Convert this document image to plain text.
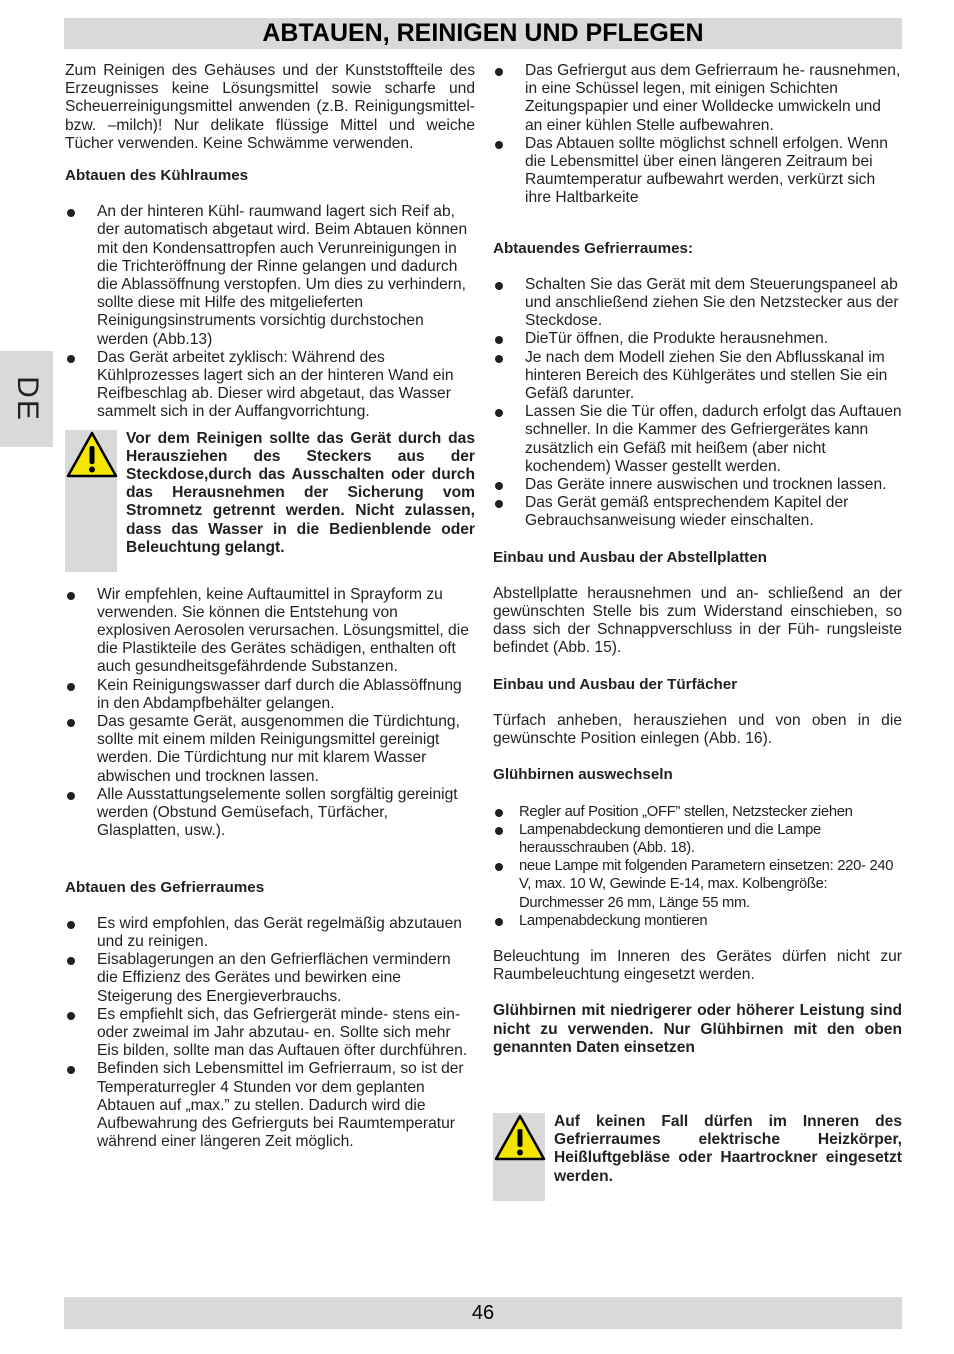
ABTAUEN, REINIGEN UND PFLEGEN
DE

Zum Reinigen des Gehäuses und der Kunststoffteile des Erzeugnisses keine Lösungsmittel sowie scharfe und Scheuerreinigungsmittel anwenden (z.B. Reinigungsmittel- bzw. –milch)! Nur delikate flüssige Mittel und weiche Tücher verwenden. Keine Schwämme verwenden.

Abtauen des Kühlraumes

An der hinteren Kühl- raumwand lagert sich Reif ab, der automatisch abgetaut wird. Beim Abtauen können mit den Kondensattropfen auch Verunreinigungen in die Trichteröffnung der Rinne gelangen und dadurch die Ablassöffnung verstopfen. Um dies zu verhindern, sollte diese mit Hilfe des mitgelieferten Reinigungsinstruments vorsichtig durchstochen werden (Abb.13)
Das Gerät arbeitet zyklisch: Während des Kühlprozesses lagert sich an der hinteren Wand ein Reifbeschlag ab. Dieser wird abgetaut, das Wasser sammelt sich in der Auffangvorrichtung.

Vor dem Reinigen sollte das Gerät durch das Herausziehen des Steckers aus der Steckdose,durch das Ausschalten oder durch das Herausnehmen der Sicherung vom Stromnetz getrennt werden. Nicht zulassen, dass das Wasser in die Bedienblende oder Beleuchtung gelangt.

Wir empfehlen, keine Auftaumittel in Sprayform zu verwenden. Sie können die Entstehung von explosiven Aerosolen verursachen. Lösungsmittel, die die Plastikteile des Gerätes schädigen, enthalten oft auch gesundheitsgefährdende Substanzen.
Kein Reinigungswasser darf durch die Ablassöffnung in den Abdampfbehälter gelangen.
Das gesamte Gerät, ausgenommen die Türdichtung, sollte mit einem milden Reinigungsmittel gereinigt werden. Die Türdichtung nur mit klarem Wasser abwischen und trocknen lassen.
Alle Ausstattungselemente sollen sorgfältig gereinigt werden (Obstund Gemüsefach, Türfächer, Glasplatten, usw.).

Abtauen des Gefrierraumes

Es wird empfohlen, das Gerät regelmäßig abzutauen und zu reinigen.
Eisablagerungen an den Gefrierflächen vermindern die Effizienz des Gerätes und bewirken eine Steigerung des Energieverbrauchs.
Es empfiehlt sich, das Gefriergerät minde- stens ein- oder zweimal im Jahr abzutau- en. Sollte sich mehr Eis bilden, sollte man das Auftauen öfter durchführen.
Befinden sich Lebensmittel im Gefrierraum, so ist der Temperaturregler 4 Stunden vor dem geplanten Abtauen auf „max.” zu stellen. Dadurch wird die Aufbewahrung des Gefrierguts bei Raumtemperatur während einer längeren Zeit möglich.
Das Gefriergut aus dem Gefrierraum he- rausnehmen, in eine Schüssel legen, mit einigen Schichten Zeitungspapier und einer Wolldecke umwickeln und an einer kühlen Stelle aufbewahren.
Das Abtauen sollte möglichst schnell erfolgen. Wenn die Lebensmittel über einen längeren Zeitraum bei Raumtemperatur aufbewahrt werden, verkürzt sich ihre Haltbarkeite

Abtauendes Gefrierraumes:

Schalten Sie das Gerät mit dem Steuerungspaneel ab und anschließend ziehen Sie den Netzstecker aus der Steckdose.
DieTür öffnen, die Produkte herausnehmen.
Je nach dem Modell ziehen Sie den Abflusskanal im hinteren Bereich des Kühlgerätes und stellen Sie ein Gefäß darunter.
Lassen Sie die Tür offen, dadurch erfolgt das Auftauen schneller. In die Kammer des Gefriergerätes kann zusätzlich ein Gefäß mit heißem (aber nicht kochendem) Wasser gestellt werden.
Das Geräte innere auswischen und trocknen lassen.
Das Gerät gemäß entsprechendem Kapitel der Gebrauchsanweisung wieder einschalten.

Einbau und Ausbau der Abstellplatten

Abstellplatte herausnehmen und an- schließend an der gewünschten Stelle bis zum Widerstand einschieben, so dass sich der Schnappverschluss in der Füh- rungsleiste befindet (Abb. 15).

Einbau und Ausbau der Türfächer

Türfach anheben, herausziehen und von oben in die gewünschte Position einlegen (Abb. 16).

Glühbirnen auswechseln

Regler auf Position „OFF” stellen, Netzstecker ziehen
Lampenabdeckung demontieren und die Lampe herausschrauben (Abb. 18).
neue Lampe mit folgenden Parametern einsetzen: 220- 240 V, max. 10 W, Gewinde E-14, max. Kolbengröße: Durchmesser 26 mm, Länge 55 mm.
Lampenabdeckung montieren

Beleuchtung im Inneren des Gerätes dürfen nicht zur Raumbeleuchtung eingesetzt werden.

Glühbirnen mit niedrigerer oder höherer Leistung sind nicht zu verwenden. Nur Glühbirnen mit den oben genannten Daten einsetzen

Auf keinen Fall dürfen im Inneren des Gefrierraumes elektrische Heizkörper, Heißluftgebläse oder Haartrockner eingesetzt werden.

46
